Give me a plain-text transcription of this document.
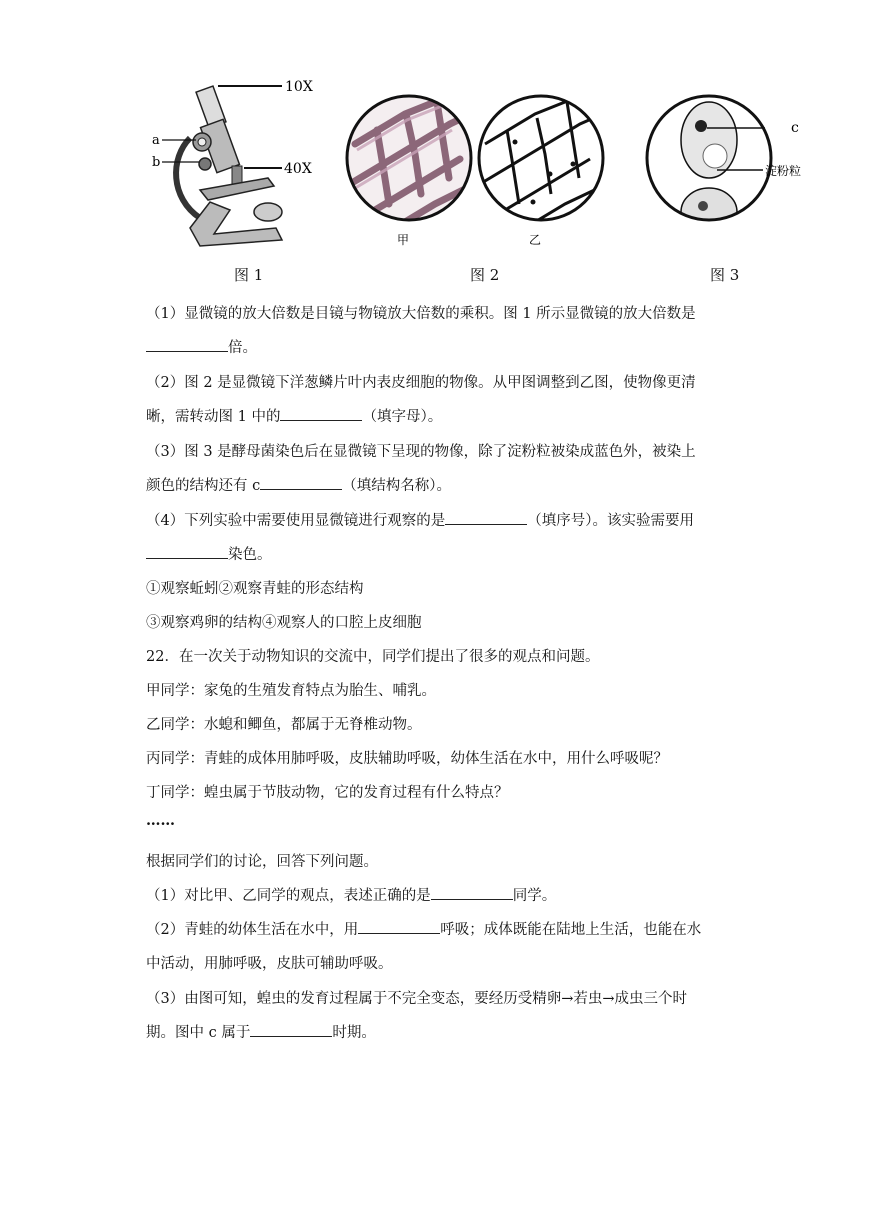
10X
a
b	40X
图 1
甲	乙
图 2
c
淀粉粒
图 3
（1）显微镜的放大倍数是目镜与物镜放大倍数的乘积。图 1 所示显微镜的放大倍数是
倍。
（2）图 2 是显微镜下洋葱鳞片叶内表皮细胞的物像。从甲图调整到乙图，使物像更清
晰，需转动图 1 中的	（填字母）。
（3）图 3 是酵母菌染色后在显微镜下呈现的物像，除了淀粉粒被染成蓝色外，被染上
颜色的结构还有 c	（填结构名称）。
（4）下列实验中需要使用显微镜进行观察的是	（填序号）。该实验需要用
染色。
①观察蚯蚓②观察青蛙的形态结构
③观察鸡卵的结构④观察人的口腔上皮细胞
22．在一次关于动物知识的交流中，同学们提出了很多的观点和问题。
甲同学：家兔的生殖发育特点为胎生、哺乳。
乙同学：水螅和鲫鱼，都属于无脊椎动物。
丙同学：青蛙的成体用肺呼吸，皮肤辅助呼吸，幼体生活在水中，用什么呼吸呢？
丁同学：蝗虫属于节肢动物，它的发育过程有什么特点？
……
根据同学们的讨论，回答下列问题。
（1）对比甲、乙同学的观点，表述正确的是	同学。
（2）青蛙的幼体生活在水中，用	呼吸；成体既能在陆地上生活，也能在水
中活动，用肺呼吸，皮肤可辅助呼吸。
（3）由图可知，蝗虫的发育过程属于不完全变态，要经历受精卵→若虫→成虫三个时
期。图中 c 属于	时期。
